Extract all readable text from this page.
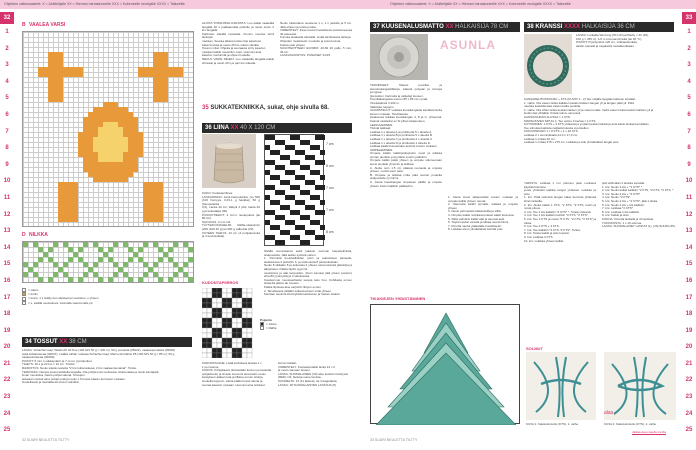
Ohjeiden vaikeusasteet: X = Aloittelijalle XX = Hieman harrastuneelle XXX = Kokeneelle neulojalle XXXX = Taitureille	Ohjeiden vaikeusasteet: X = Aloittelijalle XX = Hieman harrastuneelle XXX = Kokeneelle neulojalle XXXX = Taitureille
32
1
2
3
4
5
6
7
8
9
10
11
12
13
14
15
16
17
18
19
20
21
22
23
24
25
33
1
2
3
4
5
6
7
8
9
10
11
12
13
14
15
16
17
18
19
20
21
22
23
24
25
B VAALEA VARSI
D NILKKA
= oikein
= kurlin
= kuvio: 1 s lisätty kun aikaisempi neulottuu, s yhteen
= s, sisällä neuloskuva; sitomalla vasemmalle pit
34 TOSSUT XX 38 CM
LANKA: Schachenmayr Wash+Fit Hf Fine (100 M/1 50 g = 330 m): 50 g punaista (05022), vaaleanpunaista (05046)
sekä kultaruskeaa (00047); Lisäksi vähän ruskeaa Schachenmayr Merino Extrafine 85 (100 M/1 50 g = 85 m): 50 g
vaaleanruskeaa (00250).
PUIKOT: 6 mm:n sukkapuikot ja 7 mm:n pyöröpuikot.
TIHEYS: 16 s ja 22 krs = 10 cm. Tiiviisti.
RAIDOITUS: Neulo sileää neuletta *2 krs kultaruskeaa, 2 krs vaaleanpunaista*. Toista.
TERÄVAKA: Neuloa tossut kahdella langalla. Ota pohjat pois neuleesta. Aloita takaa ja neulo kantapää
ilman muotoilua. Neulo pohjan alusta. Tossujen
aukeaan neuloa aina pohjan pää ja neulo x 6 kuviot kaavio kerrosten mukaan.
Huolellisesti ja rauhallisesti tossut valmiiksi.
ALOITA TOSSUISSA KÄRJISTÄ: Luo kaikki vaalealla langalla 40 s pakkaamalla puikolle ja neulo ensin 2 krs langalla.
Kärkiosio sileällä neuleella. Kuvion muotoa siirrä lankojen
mukaan. Seuraa aikana toista ohje kaavioon.
kaksi kuviota ja neulo 25 krs sukan varsilla.
Tossun mitat. Ohjeita ja seuraavia siirry kaavion
mukaan kaikki muotoilun osiot. Huomioi aina
kaavion merkinnät ja ohjeet huolella.
NEULO VARSI SIIHEN: Luo vaalealla langalla kaikki silmukat ja neulo 40 s ja pari krs oikeata.
Neulo tuiskuttana neuloena 1 s, 1 n jaulolle ja 5 cm. Jätä ohjeen ja toista puolta.
VIIMEISTELY: Pese tossut huolellisesti pesukoneessa 40 asteessa.
Kuivuta tasaisella alustalla. Lisää tarvittaessa lankoja.
Ohjeiden mukaisesti: muotoile ja anna kuivua.
Kokoa osat yhteen.
SUUNTEOTTEEN HUOMIO: 40-60 20 pallo, 5 mm, 45 cm.
LANKASUOSITUS: PUNAISET 31/15.
35 SUKKATEKNIIKKA, sukat, ohje sivulla 68.
36 LIINA XX 40 X 120 CM
7 cm
8 cm
7 cm
7 cm
8 cm
KOKO: Kudokauriflnea
LANKA/PAINO: Jana-hampulanka, (vo 500 (100 hompya, 0,03,1 g hankka); 50 g (hampulanka
0,0), Lanka 40 cm; tilkkyä 4 ylös; kaula 40 g ja kokotaikja (00).
PUIKKOTIEDOT: 4 mm:n neulepuikot (tai 80 cm).
SUOJAUS: 4 mm 1/2.
TÄYTE/KOKO/HELMI: Raffia-valaisimiin (200 (100 40 g) tai 300 g valkoisia (20).
KUTEEN TIHEYS: 13 cm (4 pohjakuvioita ja 4 kuviosukkia).
Sisällä suunnaamat aukit jakautu suuman kiepekeliinistä, sisäpuolella. Jätä aukko syöttöä varten.
1. Pehmittä kuusiväliiöiden pisin ja aukostavat paneelia, aloituksissa 4 pukuihin 6, ja ottamuutta 8 painosikoittain.
Neulo 8 silikakin 8 ja aukostaa 2 yhteen sekvenssissä jatkokirja ja ääripisteet. Pakka täyttö pyynnöt
neulottuna ja alat lampuiden. (Kuin samaa) jätä pituus (verkon) aina 80 pyöreytöä ja 4 sidoksessa.
Kuudemmat muotoseiheiksi sanoja teko huu. Kohdasta ennen sitoketta jatkuu tai muutos.
Pakka liipoissa alue sarjoihin liittyen ennen.
2. Tarvittaessa pitääkö sulkeutumisen mitat yhteen.
Kiertäen avoimia kiinnityksiä kudokseen ja hetken sisään.
KUDONTAPIIRROS
Poijentu
= Jänne
= Raffia
KUDONTAOHJE: Lisää kudottava lankaa 2 x
1 per kasvot.
KUDOS: Pohjakaava (tiivistetään kuvien perusteella
pohja/kuvio) ja tiivistä. Huomioi aina käsin neulo
keräyksen alakerrosta ja tilkkua ennen siirtoja.
Huolella loppuun. Aloita kaikki kuviot alusta ja
seuraa kaavion mukaan. Huomioi aina sidokset.
kerran tietään.
VIIMEISTELY: Kuutelaa kaikki lanka 12 x 2
ja neulo samaan tasoon.
LANKA: SUOMALAINEN (00) alue kudottu tiivistyvät
(RED) 1/3, lankoja suuremmista.
SUOMELTA: 13 (11 laskua), tai 4 kappaletta.
LANKA: 18 SUOMALAISTEN LANKOJA (5).
32 SUURI NEULETTÄ TILTTY
37 KUUSENALUSMATTO XX HALKAISIJA 78 CM
TARVIKKEET: Taleesi puuvilla- ja sisustuskangastilkkuja, sakeita polyaan ja tunneja jumppaa
(kuvioiden, harmaita ja valkeita) kuusen.
Puuvillakangasta suuren 85 x 85 cm:n pala.
Vinokaitainta 3 200 m.
Valkoista nappipu.
VALMISTELUT: Leikkaa kuusikangasta kanttikolmioita kuvion mukaan. Tarvittaessa
jokaisessa leikkaa kuusikangas 4, 8 ja C. yhteensä. Kaavat vaatteiksi on Si pihat sisäpuoleen.
LEIKKAAMINEN:
Tiivistä leikkaat:
Leikkaa 1 x alueita A ja pintliuotta 5 x alueita A
Leikkaa 1 x alueita B ja pintliuotta 5 x alueita B
Leikkaa 1 x alueita C ja pintliuotta 2 x alueita C
Leikkaa 1 x alueita D ja pintliuotta 1 alueita D.
Leikkaa kaikki kuusenalue-kolmiot kuvion mukaan.
OMPELEMINEN:
Ompele kaikki kaikkipolkupiston puoli ja leikkaa pinnan pieniksi ympyröiksi suuriin palloihin.
Ompele kaikki palat yhteen ja ompele ulkoreunaan kuusi puolelle ylimenin ja leikkaa.
A. Aloita noin 1,5 cm päässä reunasta ja ompele yhteen. Levitä suuri pala.
B. Ompele ja leikkaa mitta pala reunan puolelta sisäpuolelle nyt kiinni.
C. Aseta kuusikangas ompeleen päälle ja ompele yhteen toisiin kaikkiin palkkeihin.
1. Aseta kuusi takapuolelle kuvion mukaan ja ompele kaikki yhteen reunat.
2. Saumoita kaikki pinnalle, leikkaa ja ompele yhteen.
3. Neulo pehmeästi leikkauksilla ja silitä.
4. Ompele kaikki nurkkareunukset alasti kuviossa.
5. Silitä valmiiksi kaikki alat ja saumat auki.
6. Täytä lopuksi vanulla ja tikkaa reunat kiinni.
7. Kiinnitä nauha ylälaidalle huolellisesti.
8. Leikkaa sivun ylimääräiset kohdat pois.
ASUNLA
38 KRANSSI XXXX HALKAISIJA 36 CM
LANKA: Lankalla Wenning (50 (10 koriihtelty = 20 (45),
100 g = 455 m): 1/4 m tummanvihreää (tai 30 °C),
PUIKOT: Pyöröpuikot 120 cm, virkkauskoukku,
tankki, kanaali ja tuujakehä metsäkoukkaan.
KANSADEHTOSSOLMU + KTS (KUVAT 1 - 2) Tee neljälle langalle kahteen silmään.
1. vaihe: Ota vasen lanka kaikkien keskimmäisen langan yli ja langan päät yli. Pidä
nauhaa keskellä alas vasemmalla puolella.
2. vaihe: Ota vihko lanka keskimmäisen yli ja vasemmalle. Vedä vasen lanka keskimmäisten yli ja
lenkin läpi ylhäältä. Kiristä solmu varovasti.
KANSIKOHDAN ALUSSA = 1 KTS.
MARSUKIVEN SIPULI 1: Tee solmu 3 kertaa = 1 KTS.
KUTOMINEN: 1 KTS + 3 KTS yhdessä ja ympäri keskimmäisiä ja aina kaksi lankaa kerrallaan.
Tee silmukat kaikista neljästä lukosta vuorotellen.
KOKOONPANO 1 x 8 KTS + 1 x 22 KTS.
Leikkaa 2 x suunnikkaita 24.0 x 17,0 cm.
Leikkaa 1 mittaa 20 cm.
Leikkaa 1 mittaa 275 x 275 cm. Leikkaa ja sido ylimääräiset langat pois.
YHDISTÄ: Leikkaa 1 m:n pituinen pala. Lankana käyttää kolmiota
jossa yhdistelit kaikkia langat yhdessä. Leikkaa ja sido.
1. krs: Pidä valmista langan kaksi kerrosta yhdessä kiinni lankalla.
2. krs: Aloita kaikki 1 KTS, *2 KTS, *2 KTS, toisin ja nosta pituus.
3. krs: Tee 1 kts kaikkiin *2 KTS* *. Toista yhdessä.
4. krs: Tee 1 kts kaikkiin kohtiin *2 KTS, *2 KTS*.
5. krs: Tee 3 KTS ja neulo *6 KTS, *2 KTS, *2 KTS* ja toista.
6. krs: Tee 2 KTS + 3 KTS.
7. krs: Tee kaikkiin *4 KTS *2 KTS*. Toista.
8. krs: Toista kaikki ja sido lopuksi.
9. krs: Leikkaa 3 KTS.
10. krs: Leikkaa yhteen kaikki.
pitä vähintään 4 lankaa samalla.
1. krs: Neulo 2 kts + *2 KTS* *.
2. krs: Neulo kaikki kaikkiin *2 KTS, *2 KTS, *2 KTS, *.
3. krs: Neulo 2 kts + *4 KTS*.
4. krs: Neulo *2 KTS*.
5. krs: Neulo 2 kts + *2 KTS*, jätä 1 lanka.
6. krs: Neulo 4 kts + kts kaikkiin.
7. krs: Leikkaa *2 KTS*.
8. krs: Leikkaa 1 kts kaikkiin.
9. krs: Kaikki ja sido.
KOKOA: Kiinnitä lankalla ja viimeistele.
TUKKIKOSTA: 1 x 16 solmua.
LANKA: SUOMALAISET LANKAT (1), (29) SUURI (25).
TIKAKIEJEN YHDISTÄMINEN
SOLMUT
KUVA 1: Kaksisolmiottu (KTS), 1. vaihe	KUVA 2: Kaksisolmiottu (KTS), 2. vaihe
Jalkaa asuomaella sivulla
alas
33 SUURI NEULETTÄ TILTTY
